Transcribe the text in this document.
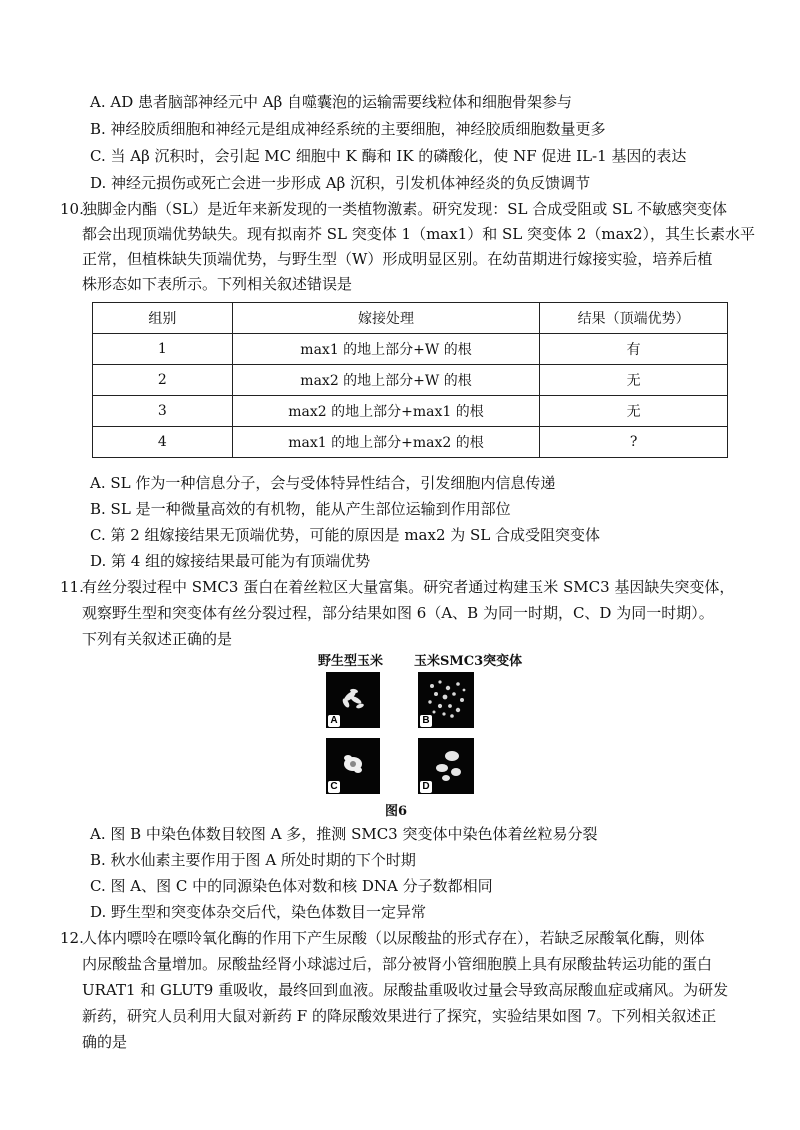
A. AD 患者脑部神经元中 Aβ 自噬囊泡的运输需要线粒体和细胞骨架参与
B. 神经胶质细胞和神经元是组成神经系统的主要细胞，神经胶质细胞数量更多
C. 当 Aβ 沉积时，会引起 MC 细胞中 K 酶和 IK 的磷酸化，使 NF 促进 IL-1 基因的表达
D. 神经元损伤或死亡会进一步形成 Aβ 沉积，引发机体神经炎的负反馈调节
10.
独脚金内酯（SL）是近年来新发现的一类植物激素。研究发现：SL 合成受阻或 SL 不敏感突变体
都会出现顶端优势缺失。现有拟南芥 SL 突变体 1（max1）和 SL 突变体 2（max2），其生长素水平
正常，但植株缺失顶端优势，与野生型（W）形成明显区别。在幼苗期进行嫁接实验，培养后植
株形态如下表所示。下列相关叙述错误是
组别	嫁接处理	结果（顶端优势）
1	max1 的地上部分+W 的根	有
2	max2 的地上部分+W 的根	无
3	max2 的地上部分+max1 的根	无
4	max1 的地上部分+max2 的根	?
A. SL 作为一种信息分子，会与受体特异性结合，引发细胞内信息传递
B. SL 是一种微量高效的有机物，能从产生部位运输到作用部位
C. 第 2 组嫁接结果无顶端优势，可能的原因是 max2 为 SL 合成受阻突变体
D. 第 4 组的嫁接结果最可能为有顶端优势
11.
有丝分裂过程中 SMC3 蛋白在着丝粒区大量富集。研究者通过构建玉米 SMC3 基因缺失突变体，
观察野生型和突变体有丝分裂过程，部分结果如图 6（A、B 为同一时期，C、D 为同一时期）。
下列有关叙述正确的是
野生型玉米 玉米SMC3突变体
A	B
C	D
图6
A. 图 B 中染色体数目较图 A 多，推测 SMC3 突变体中染色体着丝粒易分裂
B. 秋水仙素主要作用于图 A 所处时期的下个时期
C. 图 A、图 C 中的同源染色体对数和核 DNA 分子数都相同
D. 野生型和突变体杂交后代，染色体数目一定异常
12.
人体内嘌呤在嘌呤氧化酶的作用下产生尿酸（以尿酸盐的形式存在），若缺乏尿酸氧化酶，则体
内尿酸盐含量增加。尿酸盐经肾小球滤过后，部分被肾小管细胞膜上具有尿酸盐转运功能的蛋白
URAT1 和 GLUT9 重吸收，最终回到血液。尿酸盐重吸收过量会导致高尿酸血症或痛风。为研发
新药，研究人员利用大鼠对新药 F 的降尿酸效果进行了探究，实验结果如图 7。下列相关叙述正
确的是
